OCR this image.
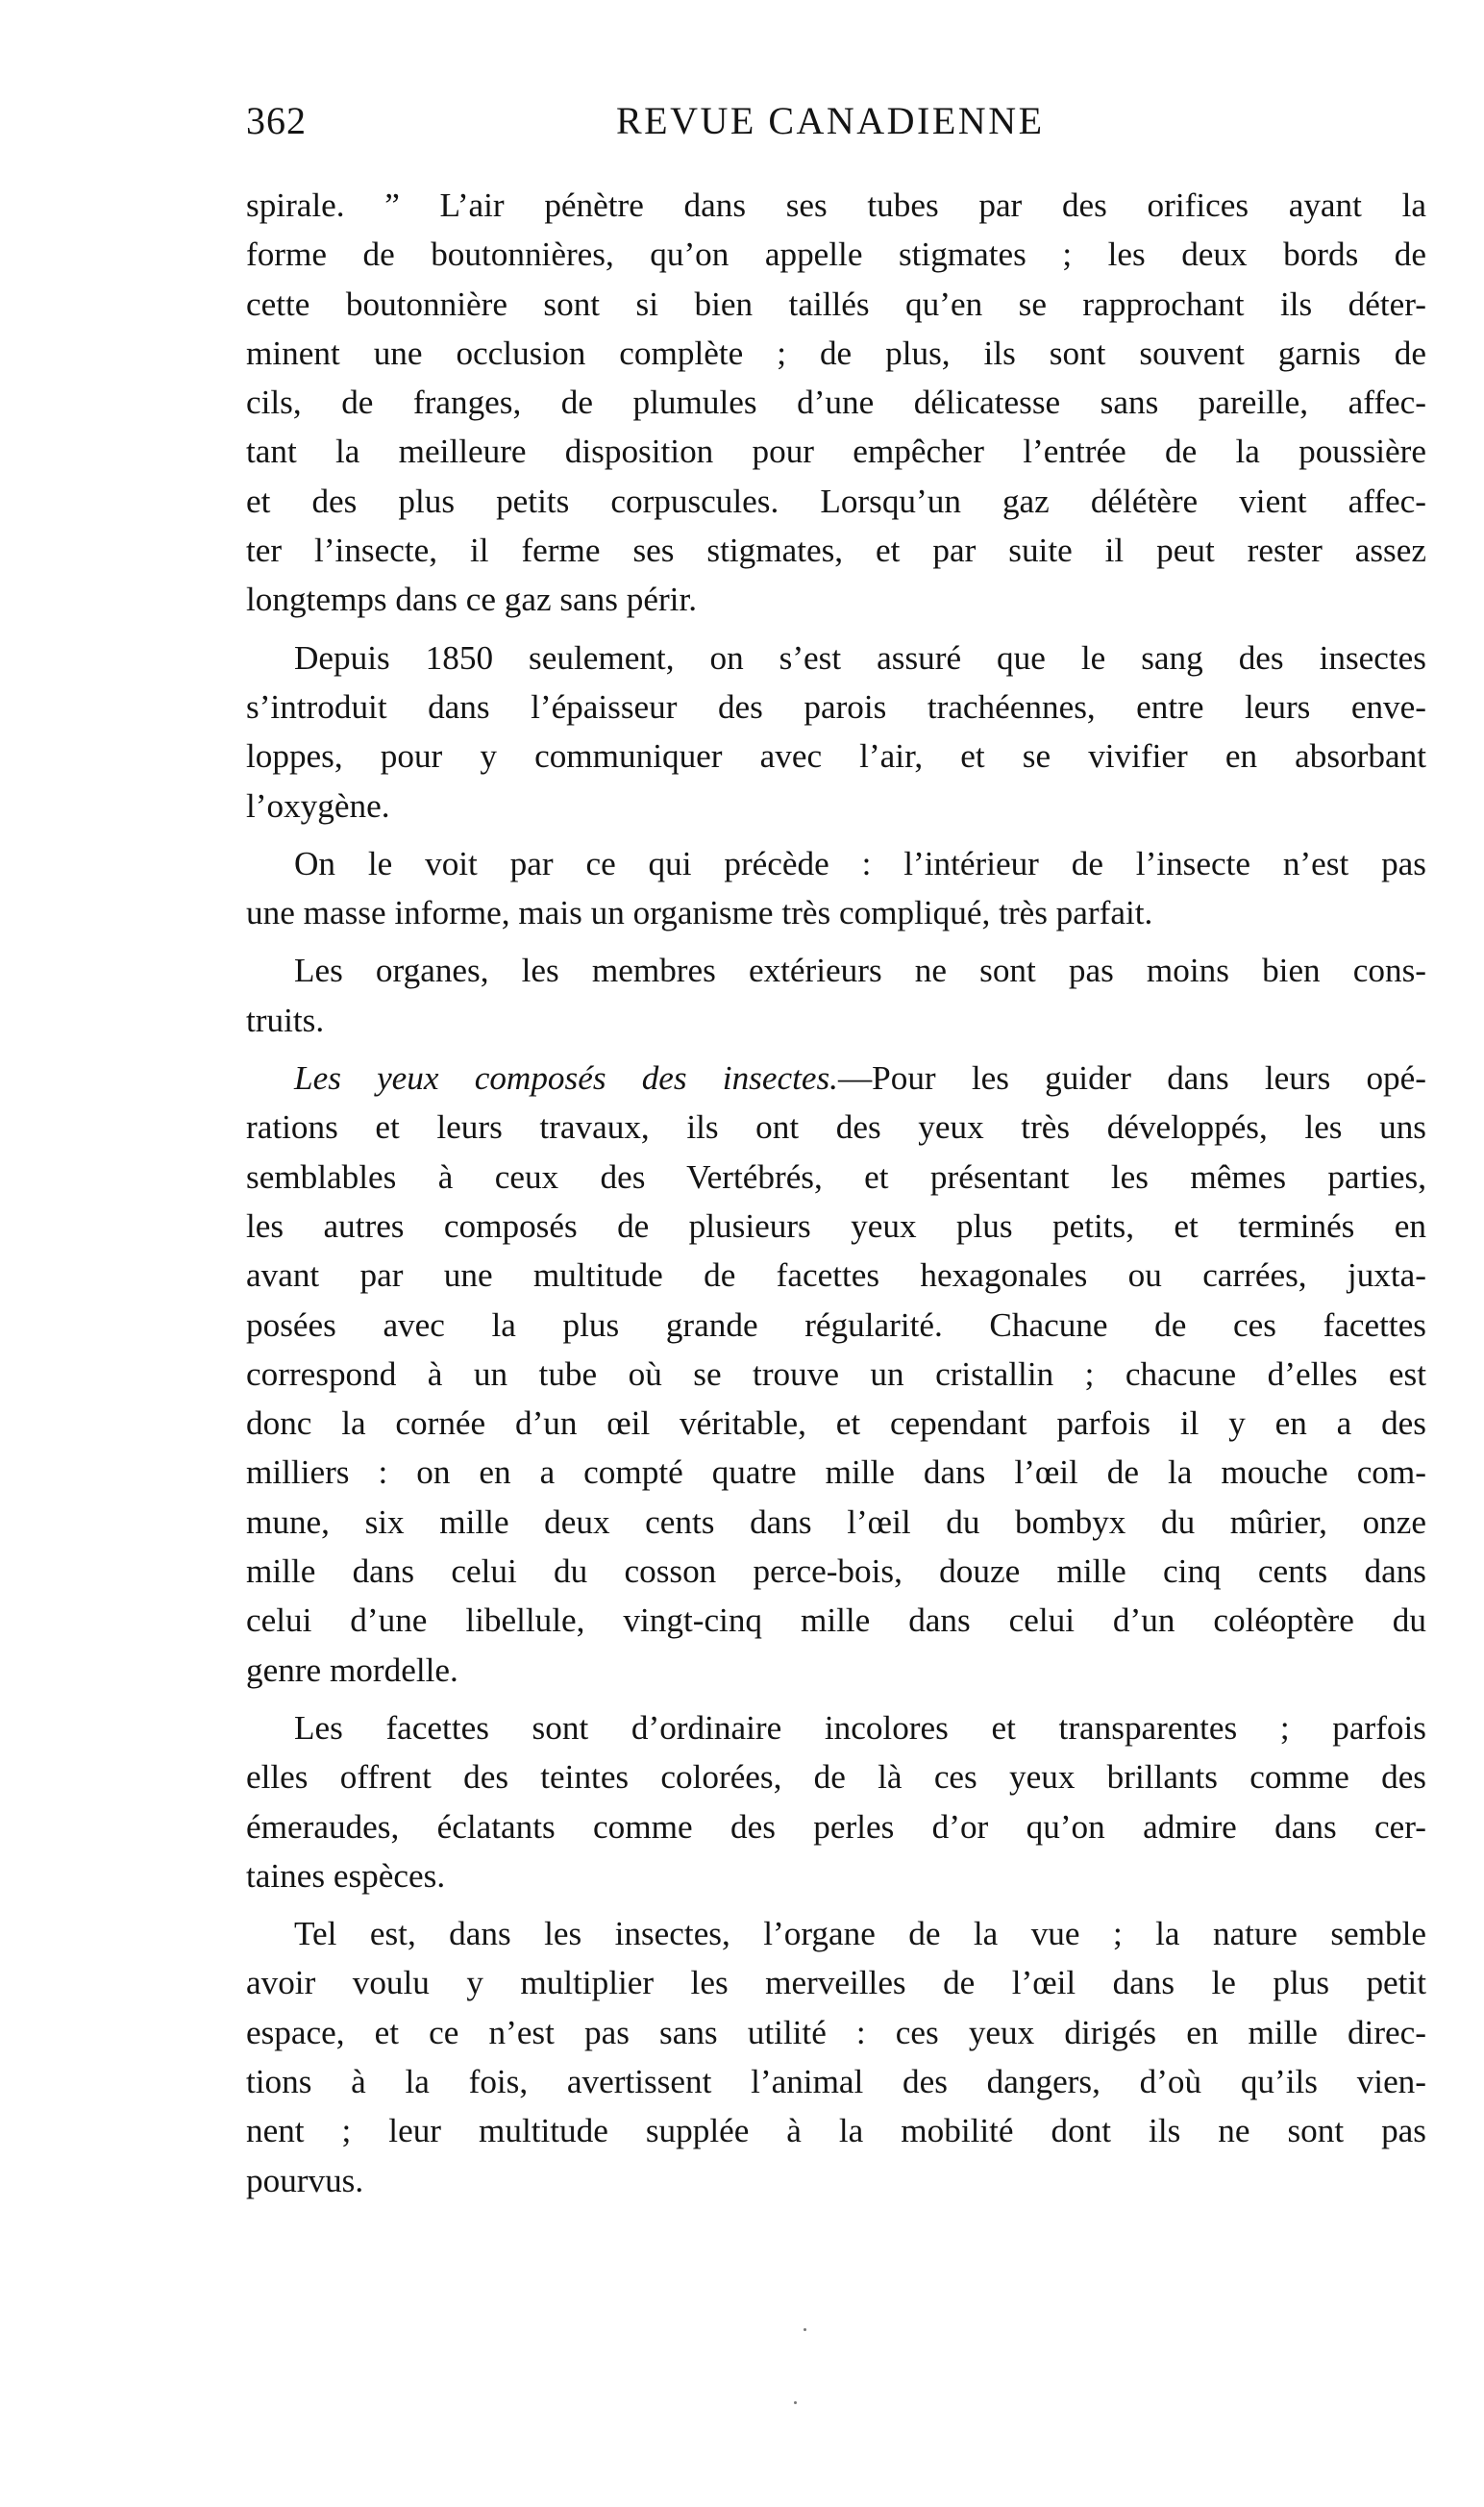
362	REVUE CANADIENNE
spirale. ” L’air pénètre dans ses tubes par des orifices ayant la
forme de boutonnières, qu’on appelle stigmates ; les deux bords de
cette boutonnière sont si bien taillés qu’en se rapprochant ils déter-
minent une occlusion complète ; de plus, ils sont souvent garnis de
cils, de franges, de plumules d’une délicatesse sans pareille, affec-
tant la meilleure disposition pour empêcher l’entrée de la poussière
et des plus petits corpuscules. Lorsqu’un gaz délétère vient affec-
ter l’insecte, il ferme ses stigmates, et par suite il peut rester assez
longtemps dans ce gaz sans périr.
Depuis 1850 seulement, on s’est assuré que le sang des insectes
s’introduit dans l’épaisseur des parois trachéennes, entre leurs enve-
loppes, pour y communiquer avec l’air, et se vivifier en absorbant
l’oxygène.
On le voit par ce qui précède : l’intérieur de l’insecte n’est pas
une masse informe, mais un organisme très compliqué, très parfait.
Les organes, les membres extérieurs ne sont pas moins bien cons-
truits.
Les yeux composés des insectes.—Pour les guider dans leurs opé-
rations et leurs travaux, ils ont des yeux très développés, les uns
semblables à ceux des Vertébrés, et présentant les mêmes parties,
les autres composés de plusieurs yeux plus petits, et terminés en
avant par une multitude de facettes hexagonales ou carrées, juxta-
posées avec la plus grande régularité. Chacune de ces facettes
correspond à un tube où se trouve un cristallin ; chacune d’elles est
donc la cornée d’un œil véritable, et cependant parfois il y en a des
milliers : on en a compté quatre mille dans l’œil de la mouche com-
mune, six mille deux cents dans l’œil du bombyx du mûrier, onze
mille dans celui du cosson perce-bois, douze mille cinq cents dans
celui d’une libellule, vingt-cinq mille dans celui d’un coléoptère du
genre mordelle.
Les facettes sont d’ordinaire incolores et transparentes ; parfois
elles offrent des teintes colorées, de là ces yeux brillants comme des
émeraudes, éclatants comme des perles d’or qu’on admire dans cer-
taines espèces.
Tel est, dans les insectes, l’organe de la vue ; la nature semble
avoir voulu y multiplier les merveilles de l’œil dans le plus petit
espace, et ce n’est pas sans utilité : ces yeux dirigés en mille direc-
tions à la fois, avertissent l’animal des dangers, d’où qu’ils vien-
nent ; leur multitude supplée à la mobilité dont ils ne sont pas
pourvus.
